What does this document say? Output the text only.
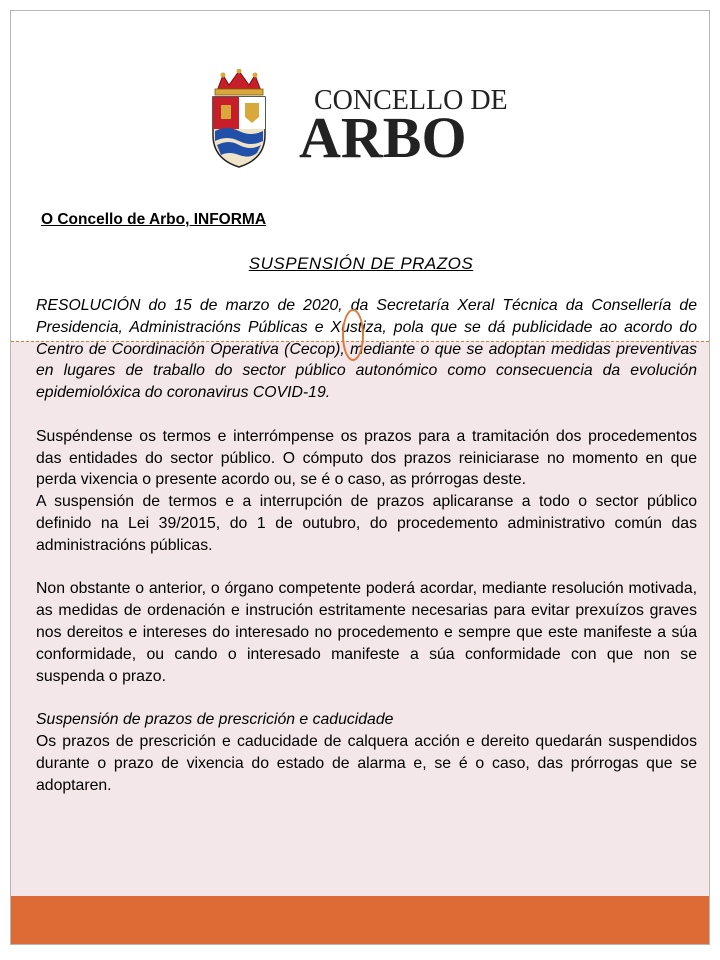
CONCELLO DE
ARBO

O Concello de Arbo, INFORMA

SUSPENSIÓN DE PRAZOS

RESOLUCIÓN do 15 de marzo de 2020, da Secretaría Xeral Técnica da Consellería de Presidencia, Administracións Públicas e Xustiza, pola que se dá publicidade ao acordo do Centro de Coordinación Operativa (Cecop), mediante o que se adoptan medidas preventivas en lugares de traballo do sector público autonómico como consecuencia da evolución epidemiolóxica do coronavirus COVID-19.

Suspéndense os termos e interrómpense os prazos para a tramitación dos procedementos das entidades do sector público. O cómputo dos prazos reiniciarase no momento en que perda vixencia o presente acordo ou, se é o caso, as prórrogas deste.

A suspensión de termos e a interrupción de prazos aplicaranse a todo o sector público definido na Lei 39/2015, do 1 de outubro, do procedemento administrativo común das administracións públicas.

Non obstante o anterior, o órgano competente poderá acordar, mediante resolución motivada, as medidas de ordenación e instrución estritamente necesarias para evitar prexuízos graves nos dereitos e intereses do interesado no procedemento e sempre que este manifeste a súa conformidade, ou cando o interesado manifeste a súa conformidade con que non se suspenda o prazo.

Suspensión de prazos de prescrición e caducidade

Os prazos de prescrición e caducidade de calquera acción e dereito quedarán suspendidos durante o prazo de vixencia do estado de alarma e, se é o caso, das prórrogas que se adoptaren.
